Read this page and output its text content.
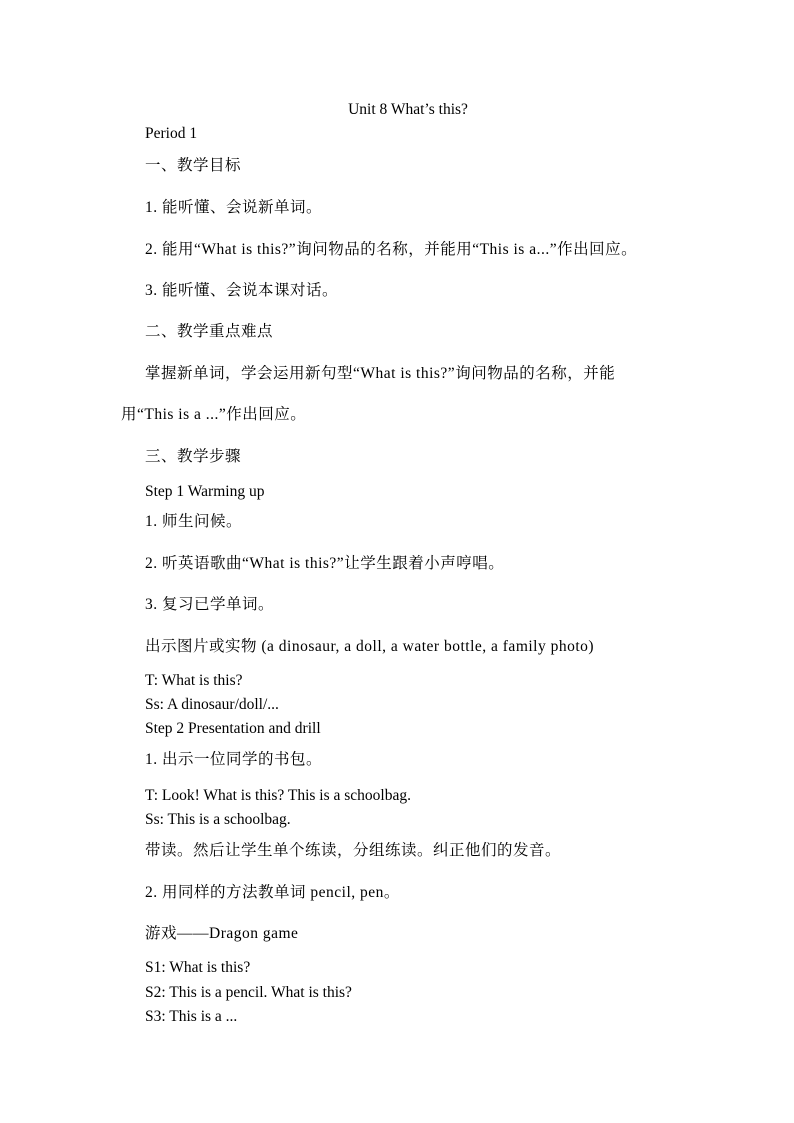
Unit 8 What’s this?
Period 1
一、教学目标
1. 能听懂、会说新单词。
2. 能用“What is this?”询问物品的名称，并能用“This is a...”作出回应。
3. 能听懂、会说本课对话。
二、教学重点难点
掌握新单词，学会运用新句型“What is this?”询问物品的名称，并能
用“This is a ...”作出回应。
三、教学步骤
Step 1 Warming up
1. 师生问候。
2. 听英语歌曲“What is this?”让学生跟着小声哼唱。
3. 复习已学单词。
出示图片或实物 (a dinosaur, a doll, a water bottle, a family photo)
T: What is this?
Ss: A dinosaur/doll/...
Step 2 Presentation and drill
1. 出示一位同学的书包。
T: Look! What is this? This is a schoolbag.
Ss: This is a schoolbag.
带读。然后让学生单个练读，分组练读。纠正他们的发音。
2. 用同样的方法教单词 pencil, pen。
游戏——Dragon game
S1: What is this?
S2: This is a pencil. What is this?
S3: This is a ...
